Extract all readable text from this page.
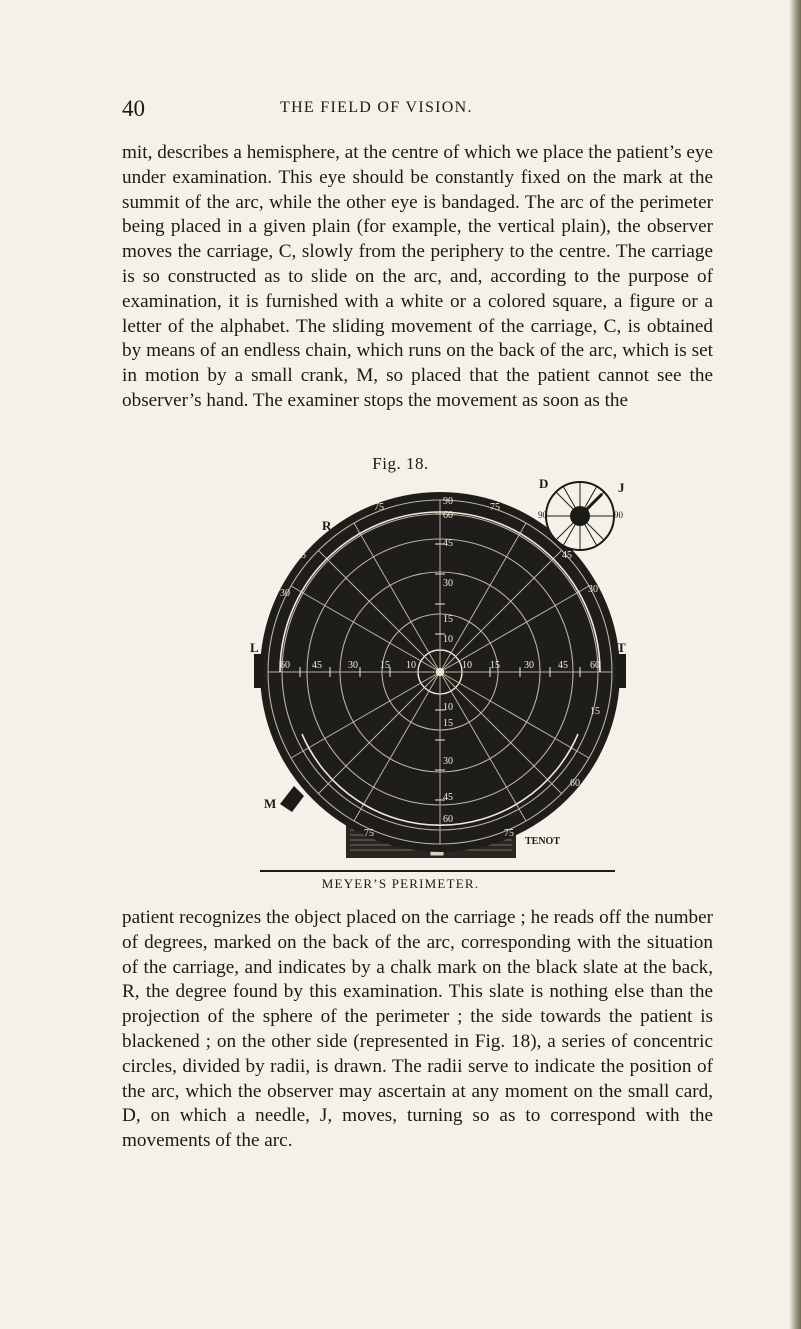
40	THE FIELD OF VISION.

mit, describes a hemisphere, at the centre of which we place the patient’s eye under examination. This eye should be constantly fixed on the mark at the summit of the arc, while the other eye is bandaged. The arc of the perimeter being placed in a given plain (for example, the vertical plain), the observer moves the carriage, C, slowly from the periphery to the centre. The carriage is so constructed as to slide on the arc, and, according to the purpose of examination, it is furnished with a white or a colored square, a figure or a letter of the alphabet. The sliding movement of the carriage, C, is obtained by means of an endless chain, which runs on the back of the arc, which is set in motion by a small crank, M, so placed that the patient cannot see the observer’s hand. The examiner stops the movement as soon as the

Fig. 18.
90
60
45
30
15
10
10
15
30
45
60
60 45	30 15 10	10 15 30 45 60
75	75
45	45
30	30
15
60
75	75
90	90
D	J
R
L	T
M
TENOT
MEYER’S PERIMETER.

patient recognizes the object placed on the carriage ; he reads off the number of degrees, marked on the back of the arc, corresponding with the situation of the carriage, and indicates by a chalk mark on the black slate at the back, R, the degree found by this examination. This slate is nothing else than the projection of the sphere of the perimeter ; the side towards the patient is blackened ; on the other side (represented in Fig. 18), a series of concentric circles, divided by radii, is drawn. The radii serve to indicate the position of the arc, which the observer may ascertain at any moment on the small card, D, on which a needle, J, moves, turning so as to correspond with the movements of the arc.
